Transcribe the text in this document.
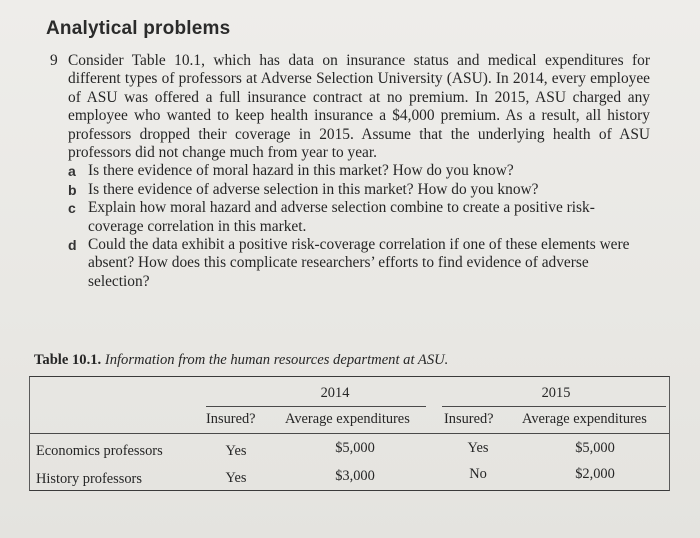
Analytical problems
9 Consider Table 10.1, which has data on insurance status and medical expenditures for different types of professors at Adverse Selection University (ASU). In 2014, every employee of ASU was offered a full insurance contract at no premium. In 2015, ASU charged any employee who wanted to keep health insurance a $4,000 premium. As a result, all history professors dropped their coverage in 2015. Assume that the underlying health of ASU professors did not change much from year to year.
a Is there evidence of moral hazard in this market? How do you know?
b Is there evidence of adverse selection in this market? How do you know?
c Explain how moral hazard and adverse selection combine to create a positive risk-coverage correlation in this market.
d Could the data exhibit a positive risk-coverage correlation if one of these elements were absent? How does this complicate researchers’ efforts to find evidence of adverse selection?
Table 10.1. Information from the human resources department at ASU.
2014	2015
Insured? Average expenditures Insured? Average expenditures
Economics professors	Yes	$5,000	Yes	$5,000
History professors	Yes	$3,000	No	$2,000
